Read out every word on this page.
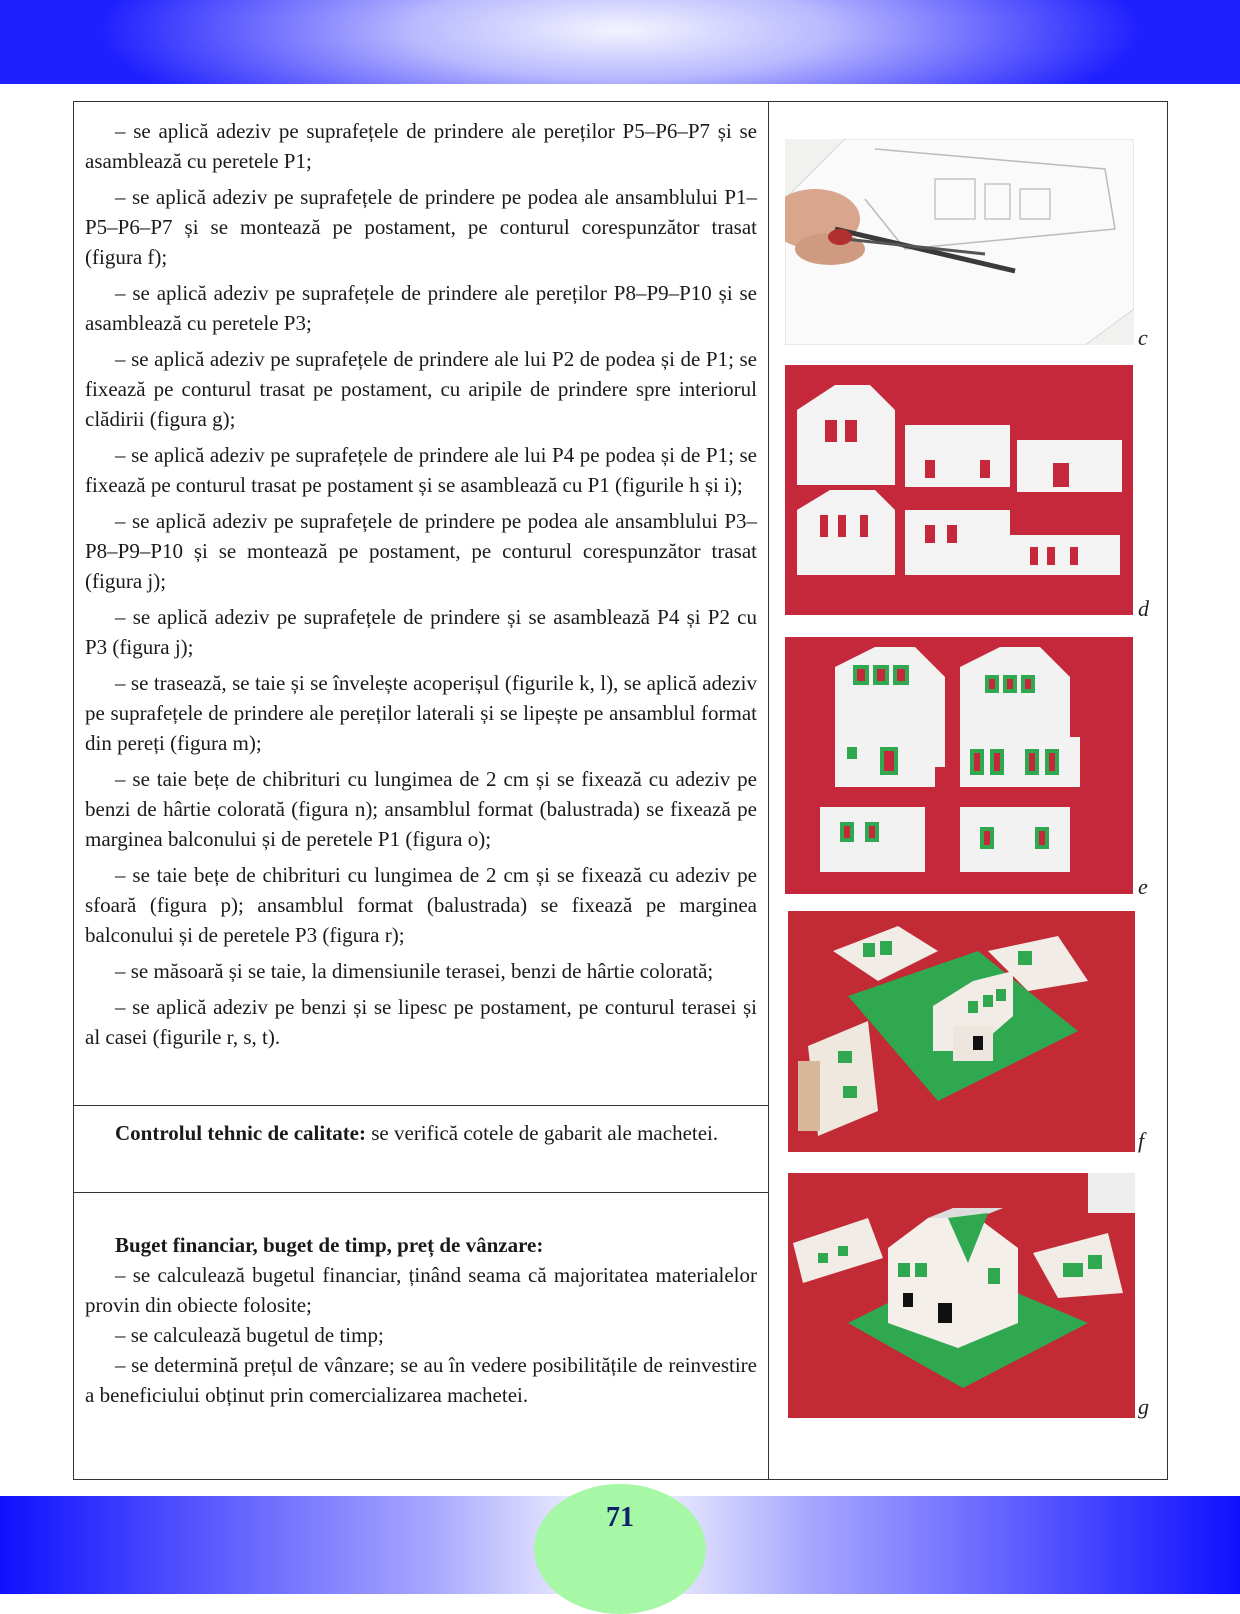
– se aplică adeziv pe suprafețele de prindere ale pereților P5–P6–P7 și se asamblează cu peretele P1;

– se aplică adeziv pe suprafețele de prindere pe podea ale ansamblului P1–P5–P6–P7 și se montează pe postament, pe conturul corespunzător trasat (figura f);

– se aplică adeziv pe suprafețele de prindere ale pereților P8–P9–P10 și se asamblează cu peretele P3;

– se aplică adeziv pe suprafețele de prindere ale lui P2 de podea și de P1; se fixează pe conturul trasat pe postament, cu aripile de prindere spre interiorul clădirii (figura g);

– se aplică adeziv pe suprafețele de prindere ale lui P4 pe podea și de P1; se fixează pe conturul trasat pe postament și se asamblează cu P1 (figurile h și i);

– se aplică adeziv pe suprafețele de prindere pe podea ale ansamblului P3–P8–P9–P10 și se montează pe postament, pe conturul corespunzător trasat (figura j);

– se aplică adeziv pe suprafețele de prindere și se asamblează P4 și P2 cu P3 (figura j);

– se trasează, se taie și se învelește acoperișul (figurile k, l), se aplică adeziv pe suprafețele de prindere ale pereților laterali și se lipește pe ansamblul format din pereți (figura m);

– se taie bețe de chibrituri cu lungimea de 2 cm și se fixează cu adeziv pe benzi de hârtie colorată (figura n); ansamblul format (balustrada) se fixează pe marginea balconului și de peretele P1 (figura o);

– se taie bețe de chibrituri cu lungimea de 2 cm și se fixează cu adeziv pe sfoară (figura p); ansamblul format (balustrada) se fixează pe marginea balconului și de peretele P3 (figura r);

– se măsoară și se taie, la dimensiunile terasei, benzi de hârtie colorată;

– se aplică adeziv pe benzi și se lipesc pe postament, pe conturul terasei și al casei (figurile r, s, t).

Controlul tehnic de calitate: se verifică cotele de gabarit ale machetei.

Buget financiar, buget de timp, preț de vânzare:

– se calculează bugetul financiar, ținând seama că majoritatea materialelor provin din obiecte folosite;

– se calculează bugetul de timp;

– se determină prețul de vânzare; se au în vedere posibilitățile de reinvestire a beneficiului obținut prin comercializarea machetei.

c
d
e
f
g
71
